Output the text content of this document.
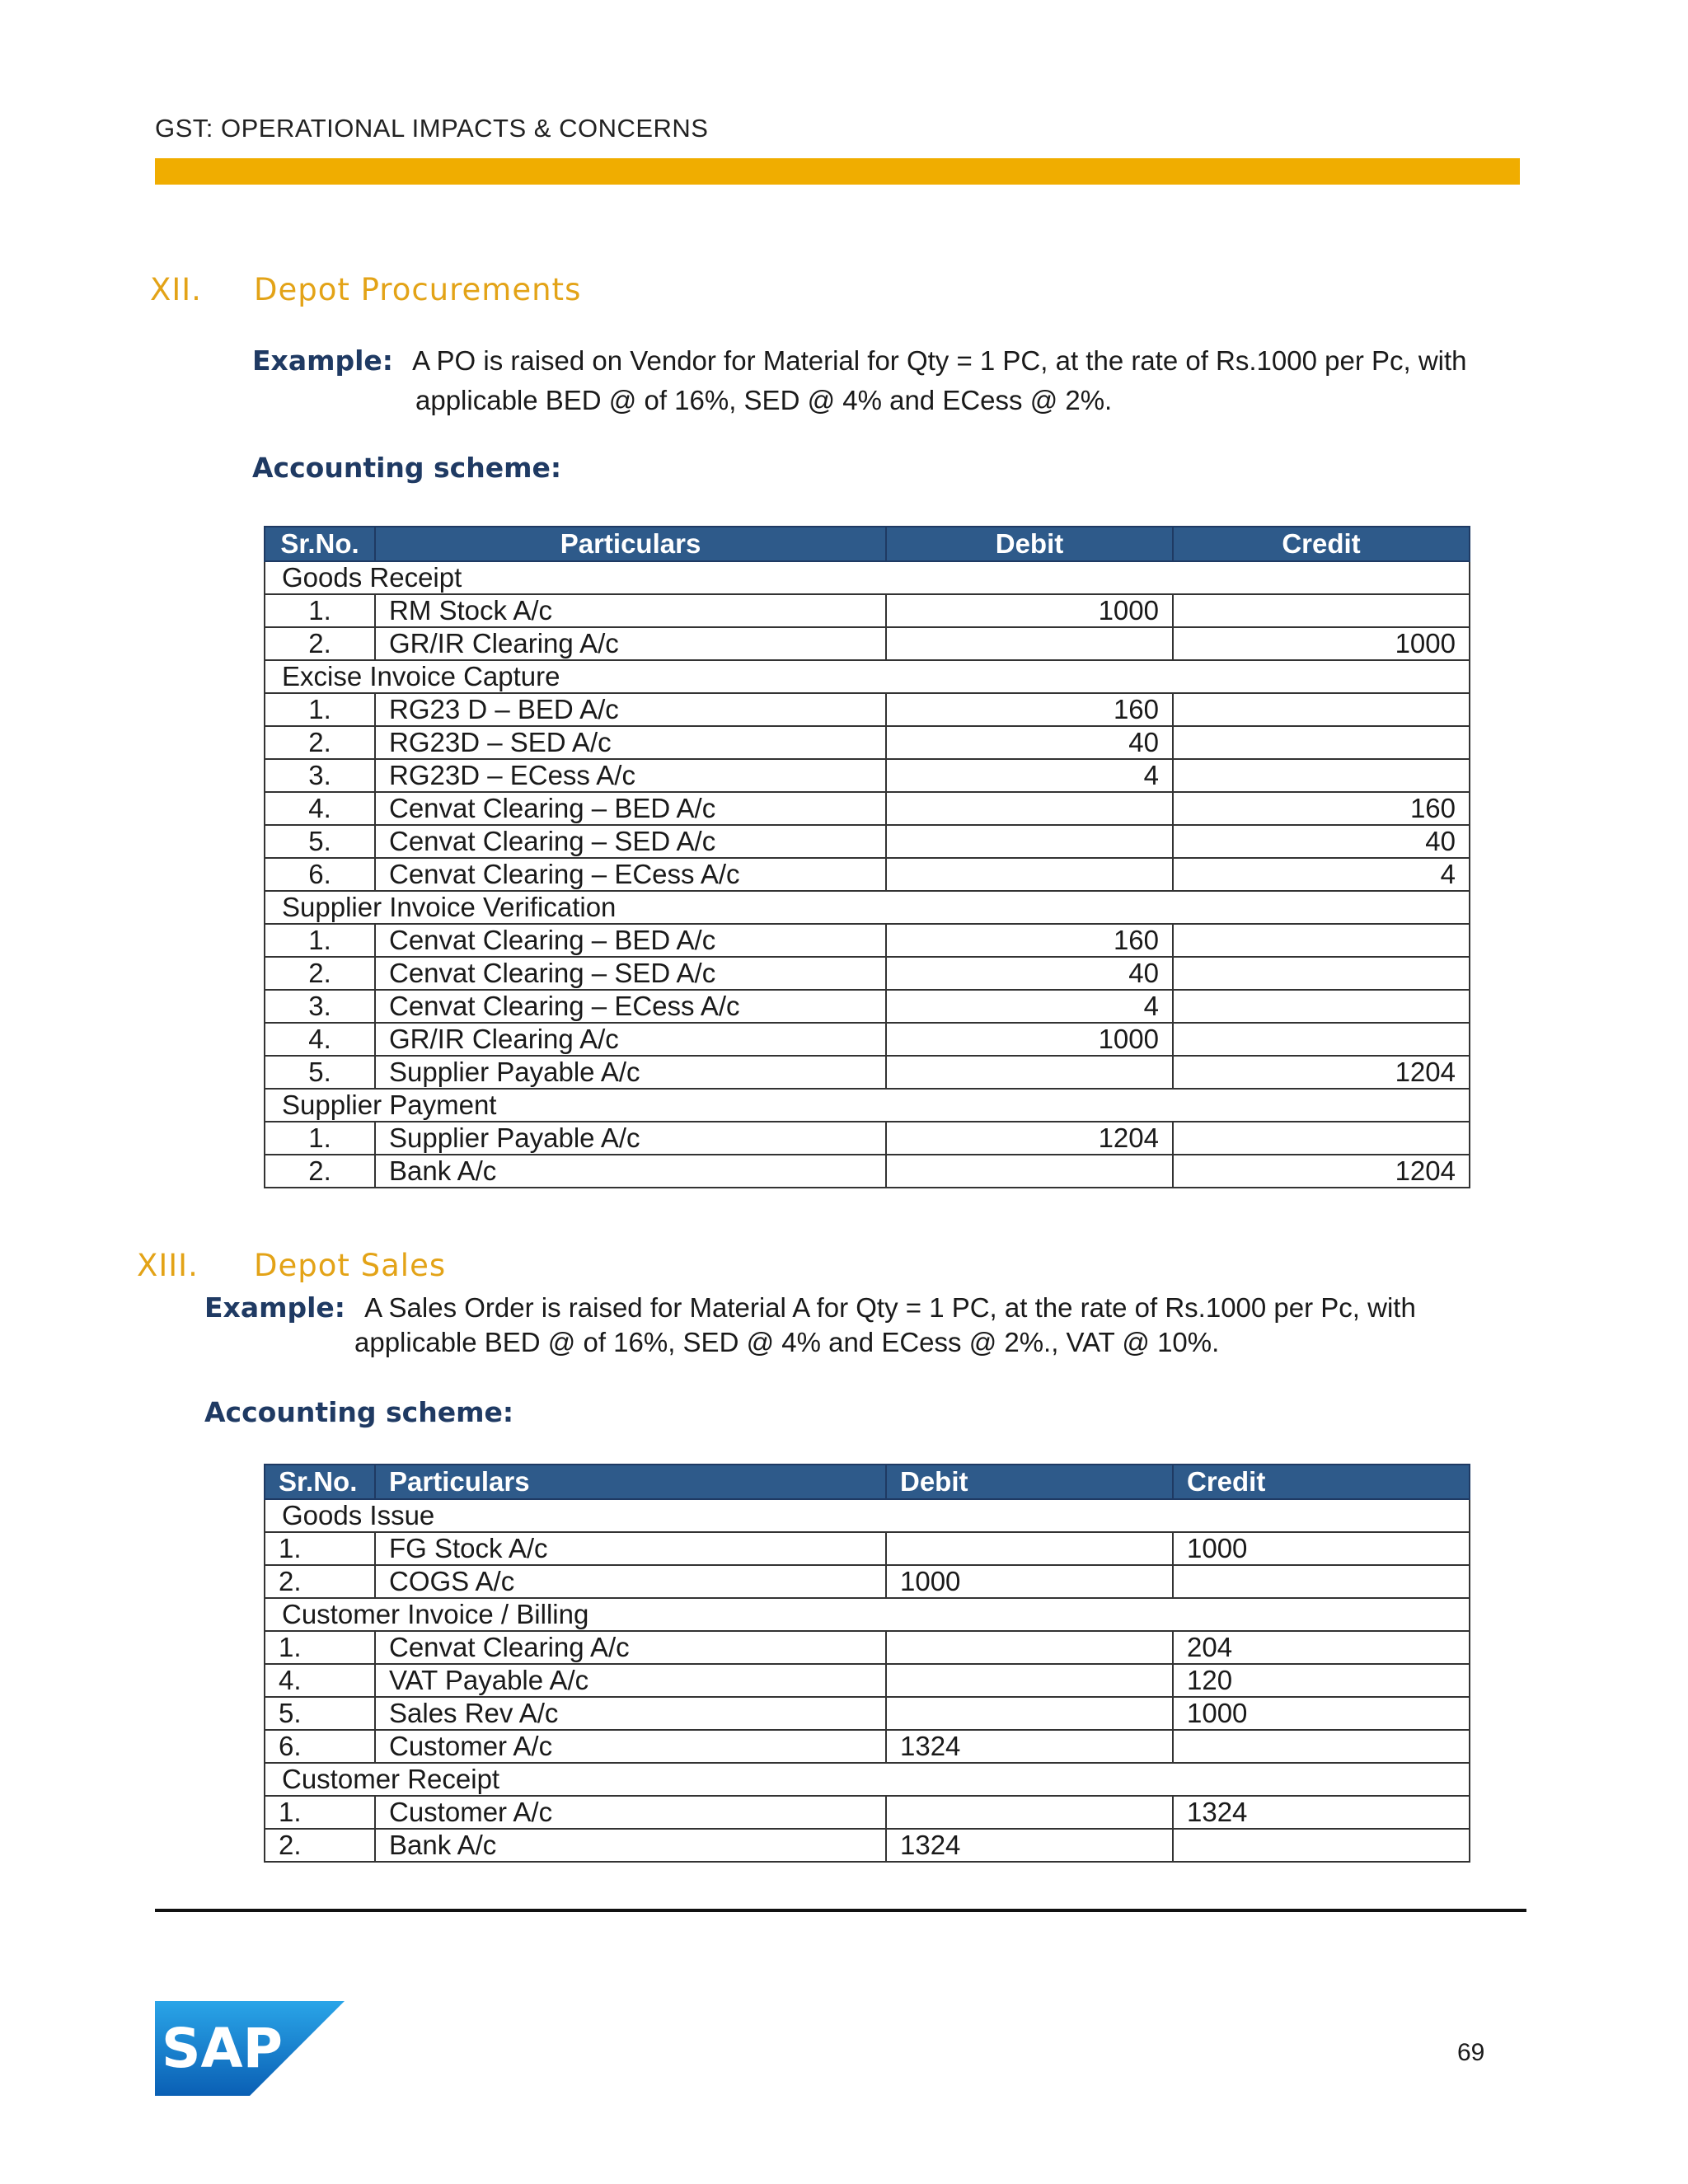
GST: OPERATIONAL IMPACTS & CONCERNS
XII. Depot Procurements
Example: A PO is raised on Vendor for Material for Qty = 1 PC, at the rate of Rs.1000 per Pc, with
applicable BED @ of 16%, SED @ 4% and ECess @ 2%.
Accounting scheme:
Sr.No.	Particulars	Debit	Credit
Goods Receipt			
1.	RM Stock A/c	1000	
2.	GR/IR Clearing A/c		1000
Excise Invoice Capture			
1.	RG23 D – BED A/c	160	
2.	RG23D – SED A/c	40	
3.	RG23D – ECess A/c	4	
4.	Cenvat Clearing – BED A/c		160
5.	Cenvat Clearing – SED A/c		40
6.	Cenvat Clearing – ECess A/c		4
Supplier Invoice Verification			
1.	Cenvat Clearing – BED A/c	160	
2.	Cenvat Clearing – SED A/c	40	
3.	Cenvat Clearing – ECess A/c	4	
4.	GR/IR Clearing A/c	1000	
5.	Supplier Payable A/c		1204
Supplier Payment			
1.	Supplier Payable A/c	1204	
2.	Bank A/c		1204
XIII. Depot Sales
Example: A Sales Order is raised for Material A for Qty = 1 PC, at the rate of Rs.1000 per Pc, with
applicable BED @ of 16%, SED @ 4% and ECess @ 2%., VAT @ 10%.
Accounting scheme:
Sr.No.	Particulars	Debit	Credit
Goods Issue			
1.	FG Stock A/c		1000
2.	COGS A/c	1000	
Customer Invoice / Billing			
1.	Cenvat Clearing A/c		204
4.	VAT Payable A/c		120
5.	Sales Rev A/c		1000
6.	Customer A/c	1324	
Customer Receipt			
1.	Customer A/c		1324
2.	Bank A/c	1324	
SAP	69
